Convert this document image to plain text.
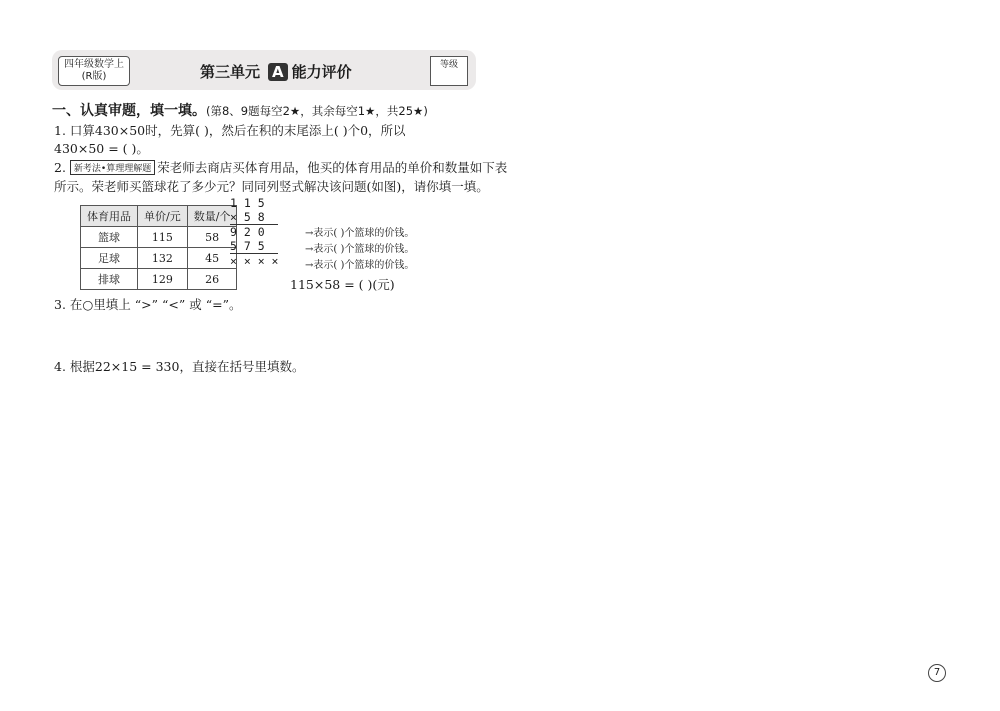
四年级数学上
(R版)	第三单元 A 能力评价	等级
一、认真审题，填一填。(第8、9题每空2★，其余每空1★，共25★)
1. 口算430×50时，先算( )，然后在积的末尾添上( )个0，所以
430×50 = ( )。
2. 新考法•算理理解题 荣老师去商店买体育用品，他买的体育用品的单价和数量如下表
所示。荣老师买篮球花了多少元？同同列竖式解决该问题(如图)，请你填一填。
体育用品	单价/元	数量/个
篮球	115	58
足球	132	45
排球	129	26
1 1 5
× 5 8
9 2 0
5 7 5
× × × ×
→表示( )个篮球的价钱。
→表示( )个篮球的价钱。
→表示( )个篮球的价钱。
115×58 = ( )(元)
3. 在○里填上 “>” “<” 或 “=”。
4. 根据22×15 = 330，直接在括号里填数。
7
